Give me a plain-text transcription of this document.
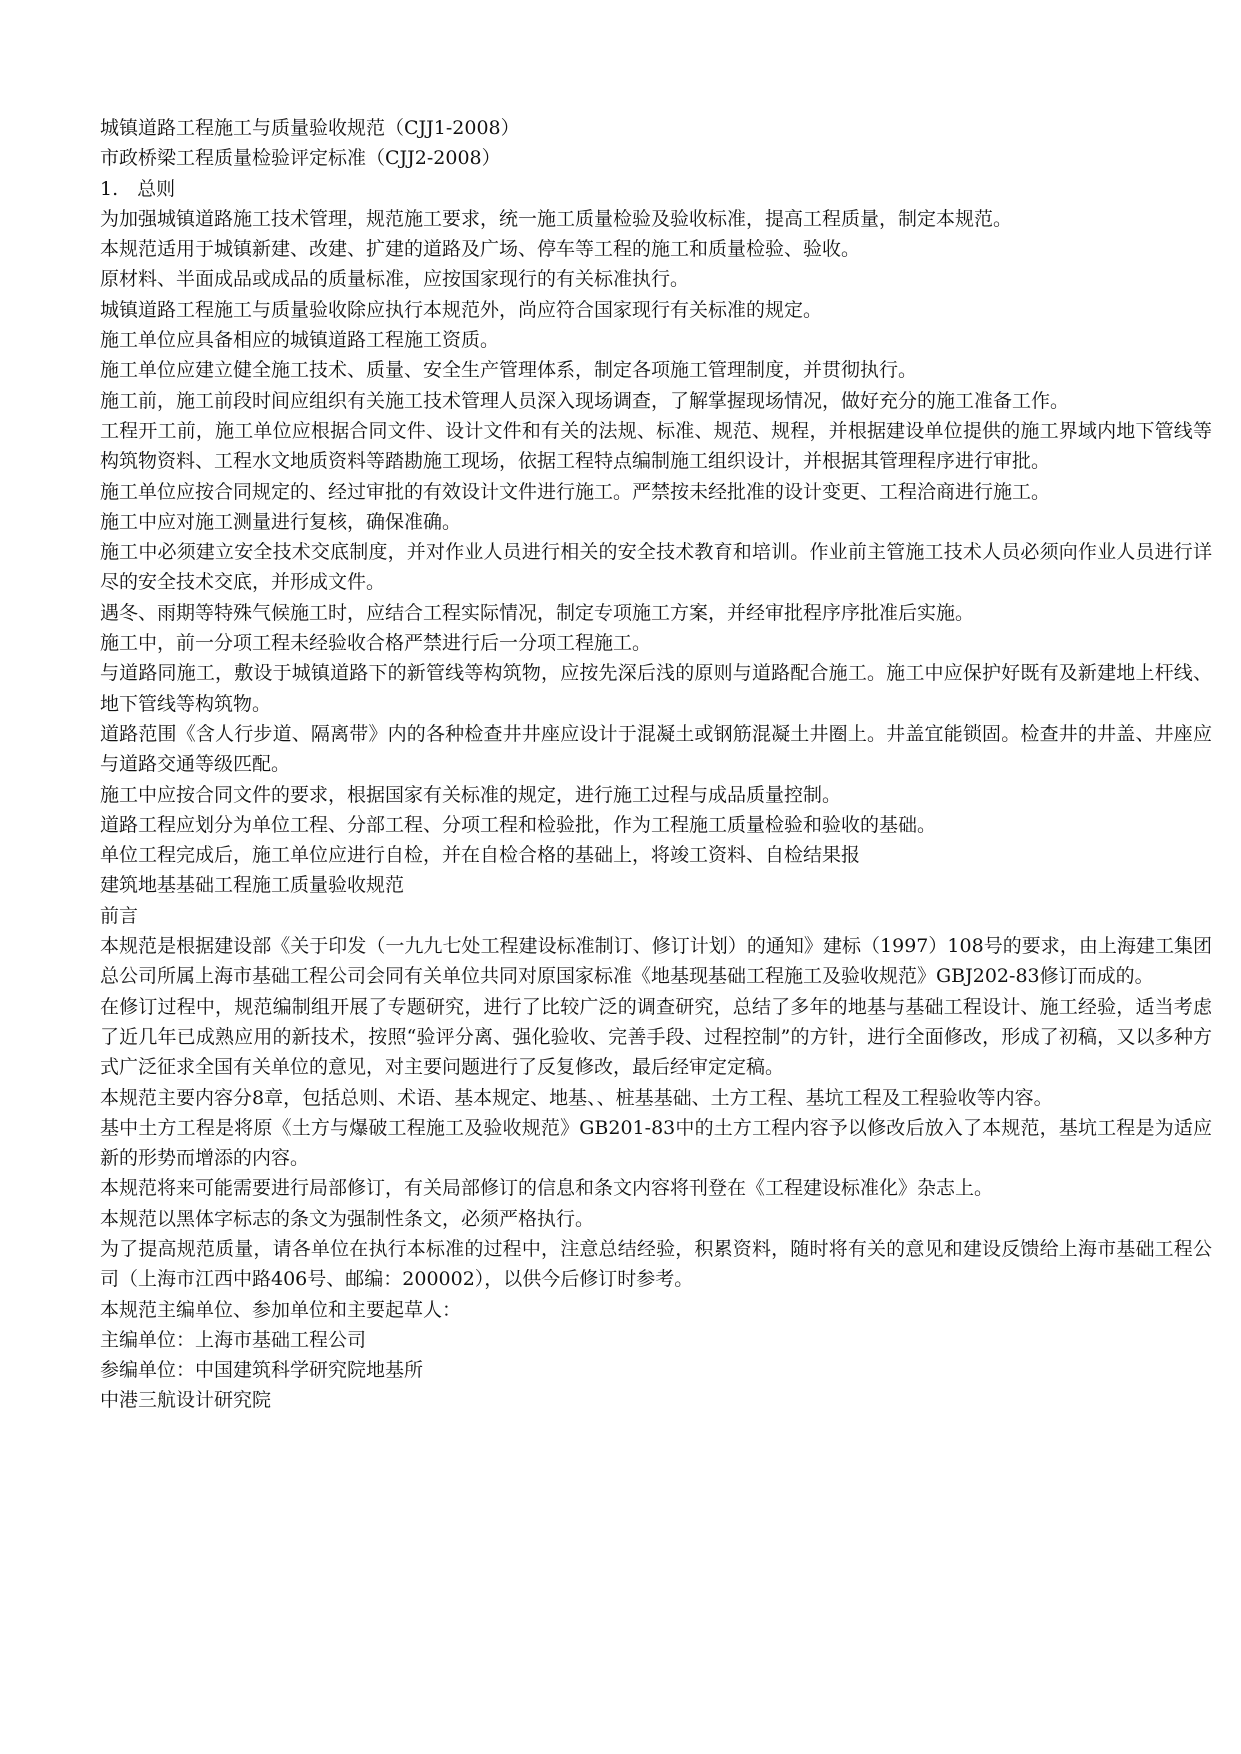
城镇道路工程施工与质量验收规范（CJJ1-2008）

市政桥梁工程质量检验评定标准（CJJ2-2008）

1.　总则

为加强城镇道路施工技术管理，规范施工要求，统一施工质量检验及验收标准，提高工程质量，制定本规范。

本规范适用于城镇新建、改建、扩建的道路及广场、停车等工程的施工和质量检验、验收。

原材料、半面成品或成品的质量标准，应按国家现行的有关标准执行。

城镇道路工程施工与质量验收除应执行本规范外，尚应符合国家现行有关标准的规定。

施工单位应具备相应的城镇道路工程施工资质。

施工单位应建立健全施工技术、质量、安全生产管理体系，制定各项施工管理制度，并贯彻执行。

施工前，施工前段时间应组织有关施工技术管理人员深入现场调查，了解掌握现场情况，做好充分的施工准备工作。

工程开工前，施工单位应根据合同文件、设计文件和有关的法规、标准、规范、规程，并根据建设单位提供的施工界域内地下管线等构筑物资料、工程水文地质资料等踏勘施工现场，依据工程特点编制施工组织设计，并根据其管理程序进行审批。

施工单位应按合同规定的、经过审批的有效设计文件进行施工。严禁按未经批准的设计变更、工程洽商进行施工。

施工中应对施工测量进行复核，确保准确。

施工中必须建立安全技术交底制度，并对作业人员进行相关的安全技术教育和培训。作业前主管施工技术人员必须向作业人员进行详尽的安全技术交底，并形成文件。

遇冬、雨期等特殊气候施工时，应结合工程实际情况，制定专项施工方案，并经审批程序序批准后实施。

施工中，前一分项工程未经验收合格严禁进行后一分项工程施工。

与道路同施工，敷设于城镇道路下的新管线等构筑物，应按先深后浅的原则与道路配合施工。施工中应保护好既有及新建地上杆线、地下管线等构筑物。

道路范围《含人行步道、隔离带》内的各种检查井井座应设计于混凝土或钢筋混凝土井圈上。井盖宜能锁固。检查井的井盖、井座应与道路交通等级匹配。

施工中应按合同文件的要求，根据国家有关标准的规定，进行施工过程与成品质量控制。

道路工程应划分为单位工程、分部工程、分项工程和检验批，作为工程施工质量检验和验收的基础。

单位工程完成后，施工单位应进行自检，并在自检合格的基础上，将竣工资料、自检结果报

建筑地基基础工程施工质量验收规范

前言

本规范是根据建设部《关于印发（一九九七处工程建设标准制订、修订计划）的通知》建标（1997）108号的要求，由上海建工集团总公司所属上海市基础工程公司会同有关单位共同对原国家标准《地基现基础工程施工及验收规范》GBJ202-83修订而成的。

在修订过程中，规范编制组开展了专题研究，进行了比较广泛的调查研究，总结了多年的地基与基础工程设计、施工经验，适当考虑了近几年已成熟应用的新技术，按照“验评分离、强化验收、完善手段、过程控制”的方针，进行全面修改，形成了初稿，又以多种方式广泛征求全国有关单位的意见，对主要问题进行了反复修改，最后经审定定稿。

本规范主要内容分8章，包括总则、术语、基本规定、地基、、桩基基础、土方工程、基坑工程及工程验收等内容。

基中土方工程是将原《土方与爆破工程施工及验收规范》GB201-83中的土方工程内容予以修改后放入了本规范，基坑工程是为适应新的形势而增添的内容。

本规范将来可能需要进行局部修订，有关局部修订的信息和条文内容将刊登在《工程建设标准化》杂志上。

本规范以黑体字标志的条文为强制性条文，必须严格执行。

为了提高规范质量，请各单位在执行本标准的过程中，注意总结经验，积累资料，随时将有关的意见和建设反馈给上海市基础工程公司（上海市江西中路406号、邮编：200002），以供今后修订时参考。

本规范主编单位、参加单位和主要起草人：

主编单位：上海市基础工程公司

参编单位：中国建筑科学研究院地基所

中港三航设计研究院
